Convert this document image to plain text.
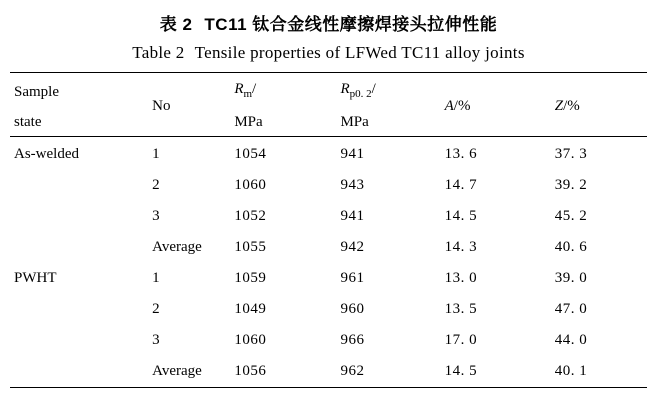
表 2 TC11 钛合金线性摩擦焊接头拉伸性能
Table 2 Tensile properties of LFWed TC11 alloy joints

Sample	No	$R_m/$	$R_{p0. 2}/$	A/%	Z/%
state		MPa	MPa		

As-welded	1	1054	941	13. 6	37. 3
	2	1060	943	14. 7	39. 2
	3	1052	941	14. 5	45. 2
	Average	1055	942	14. 3	40. 6
PWHT	1	1059	961	13. 0	39. 0
	2	1049	960	13. 5	47. 0
	3	1060	966	17. 0	44. 0
	Average	1056	962	14. 5	40. 1
